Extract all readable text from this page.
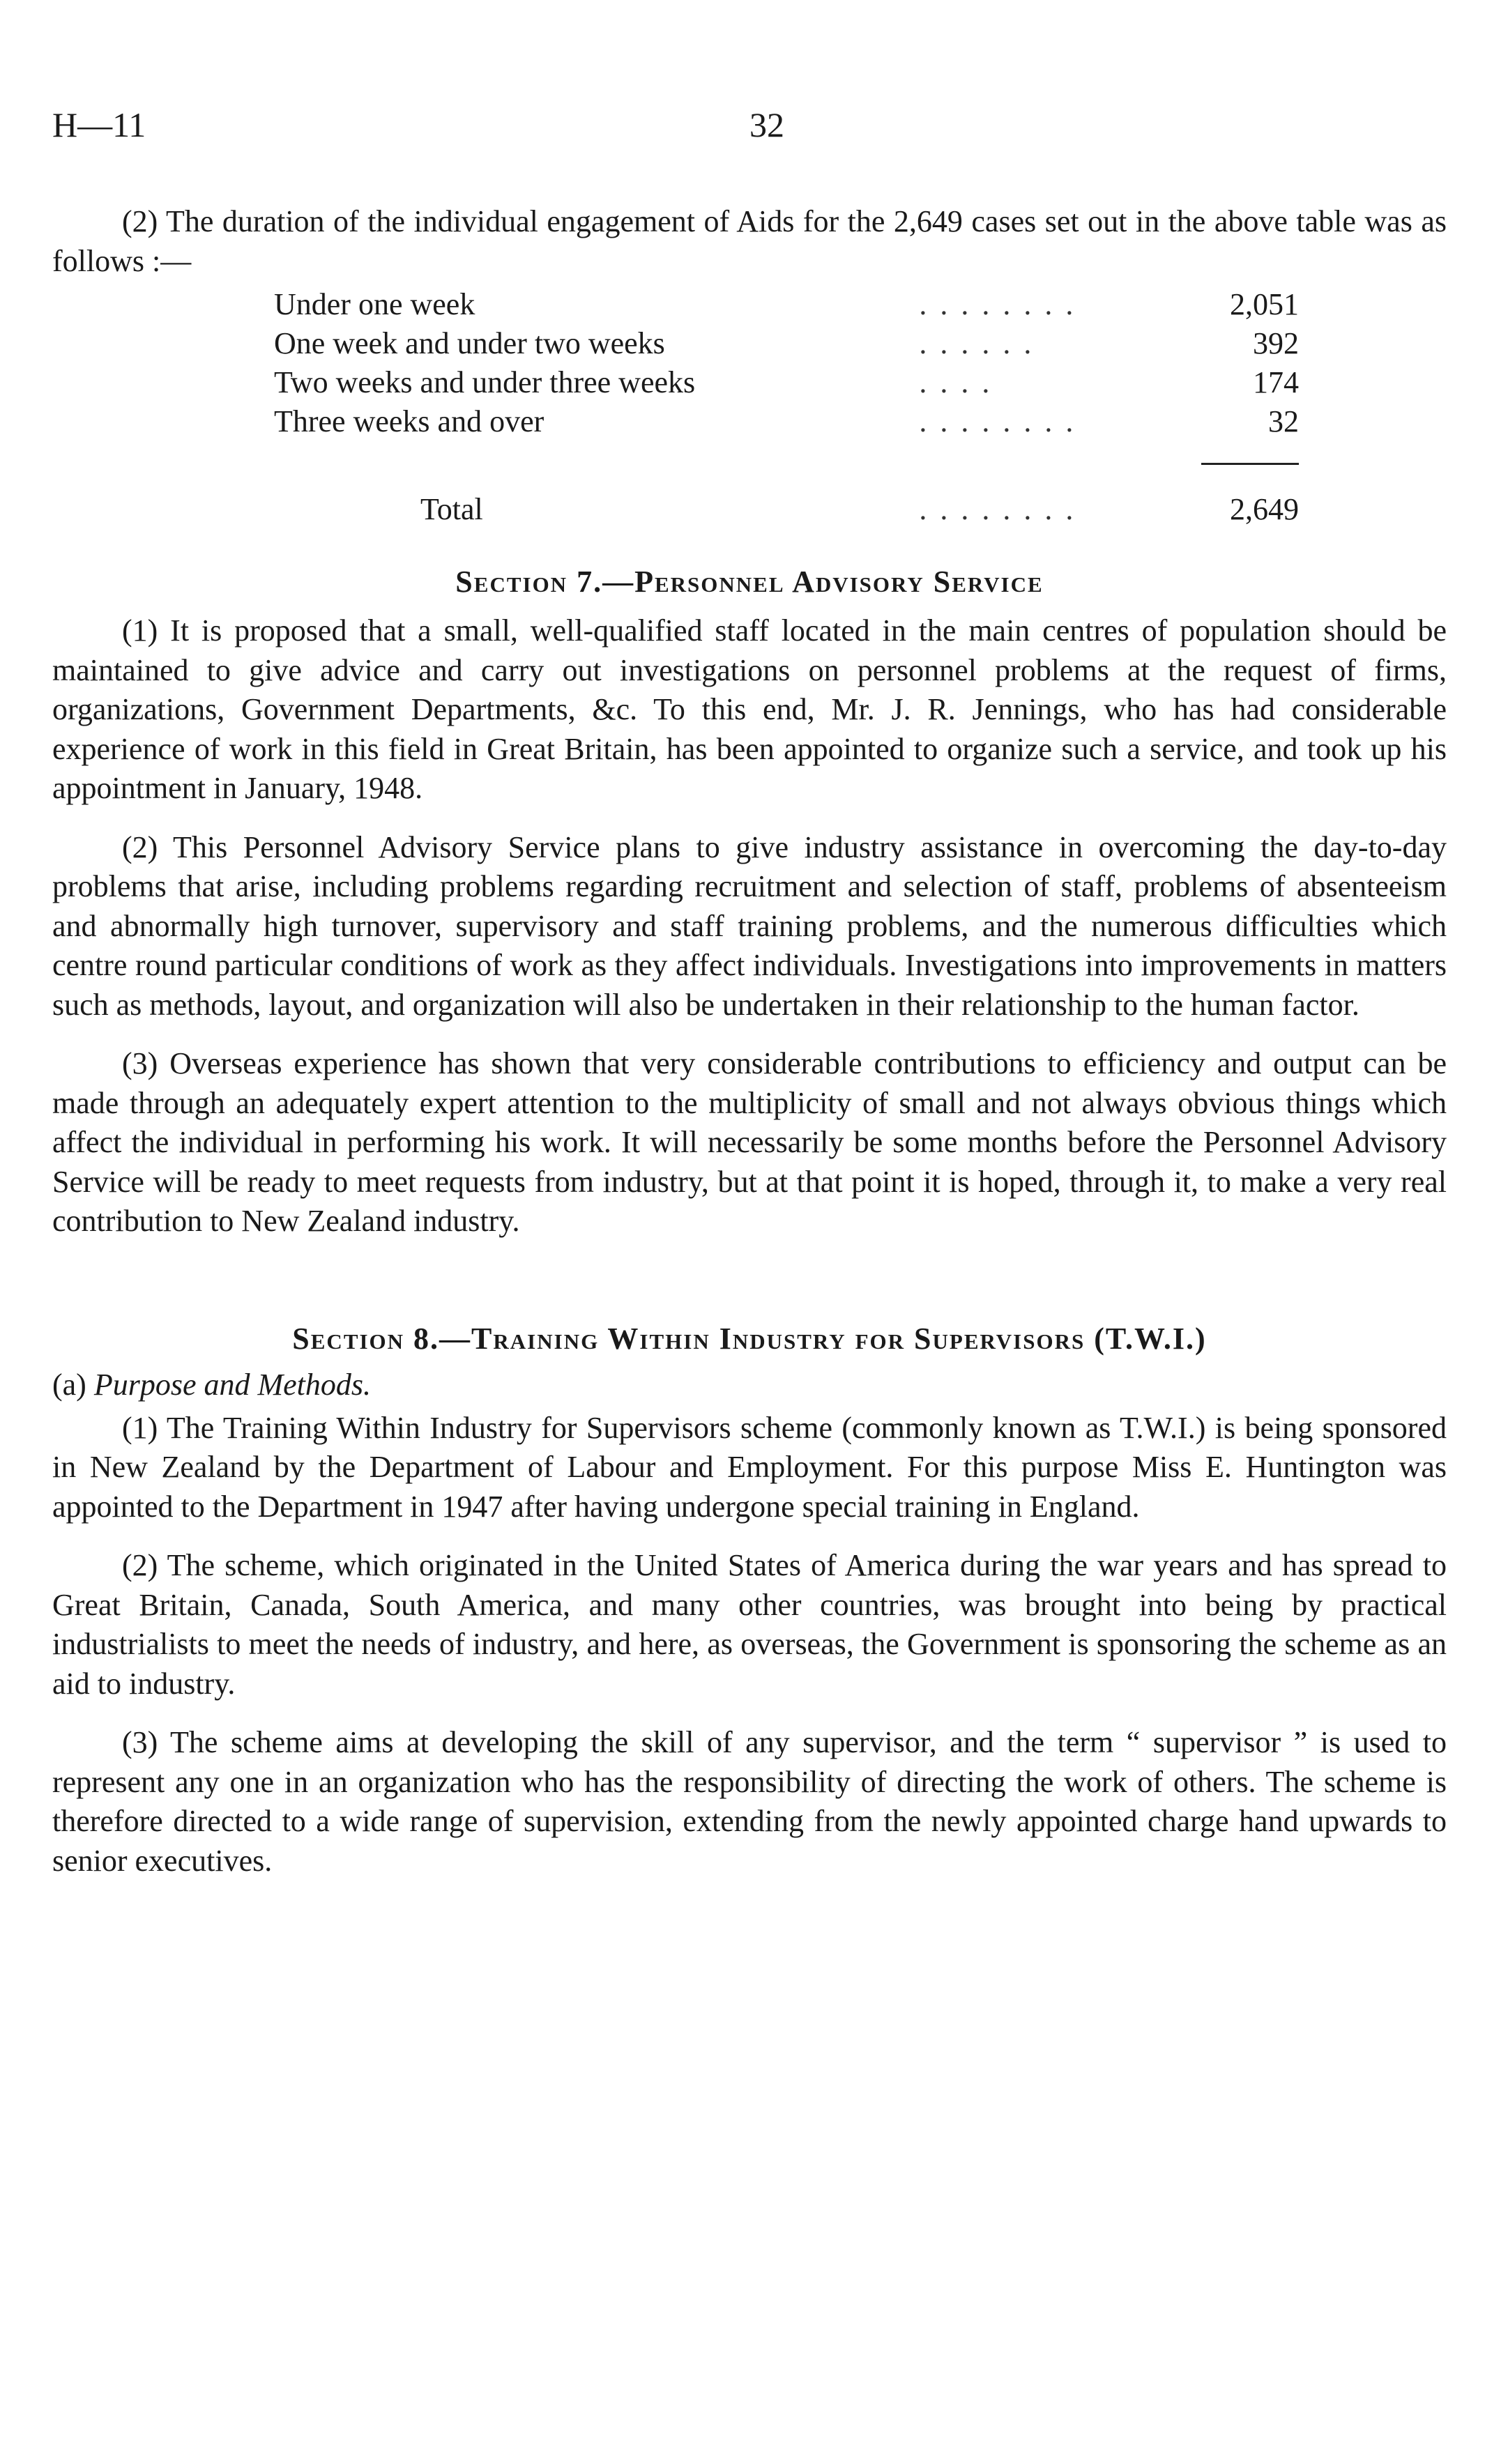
H—11	32

(2) The duration of the individual engagement of Aids for the 2,649 cases set out in the above table was as follows :—

Under one week	. . . . . . . .	2,051
One week and under two weeks	. . . . . .	392
Two weeks and under three weeks	. . . .	174
Three weeks and over	. . . . . . . .	32

Total	. . . . . . . .	2,649
Section 7.—Personnel Advisory Service

(1) It is proposed that a small, well-qualified staff located in the main centres of population should be maintained to give advice and carry out investigations on personnel problems at the request of firms, organizations, Government Departments, &c. To this end, Mr. J. R. Jennings, who has had considerable experience of work in this field in Great Britain, has been appointed to organize such a service, and took up his appointment in January, 1948.

(2) This Personnel Advisory Service plans to give industry assistance in overcoming the day-to-day problems that arise, including problems regarding recruitment and selection of staff, problems of absenteeism and abnormally high turnover, supervisory and staff training problems, and the numerous difficulties which centre round particular conditions of work as they affect individuals. Investigations into improvements in matters such as methods, layout, and organization will also be undertaken in their relationship to the human factor.

(3) Overseas experience has shown that very considerable contributions to efficiency and output can be made through an adequately expert attention to the multiplicity of small and not always obvious things which affect the individual in performing his work. It will necessarily be some months before the Personnel Advisory Service will be ready to meet requests from industry, but at that point it is hoped, through it, to make a very real contribution to New Zealand industry.

Section 8.—Training Within Industry for Supervisors (T.W.I.)
(a) Purpose and Methods.

(1) The Training Within Industry for Supervisors scheme (commonly known as T.W.I.) is being sponsored in New Zealand by the Department of Labour and Employment. For this purpose Miss E. Huntington was appointed to the Department in 1947 after having undergone special training in England.

(2) The scheme, which originated in the United States of America during the war years and has spread to Great Britain, Canada, South America, and many other countries, was brought into being by practical industrialists to meet the needs of industry, and here, as overseas, the Government is sponsoring the scheme as an aid to industry.

(3) The scheme aims at developing the skill of any supervisor, and the term “ supervisor ” is used to represent any one in an organization who has the responsibility of directing the work of others. The scheme is therefore directed to a wide range of supervision, extending from the newly appointed charge hand upwards to senior executives.
